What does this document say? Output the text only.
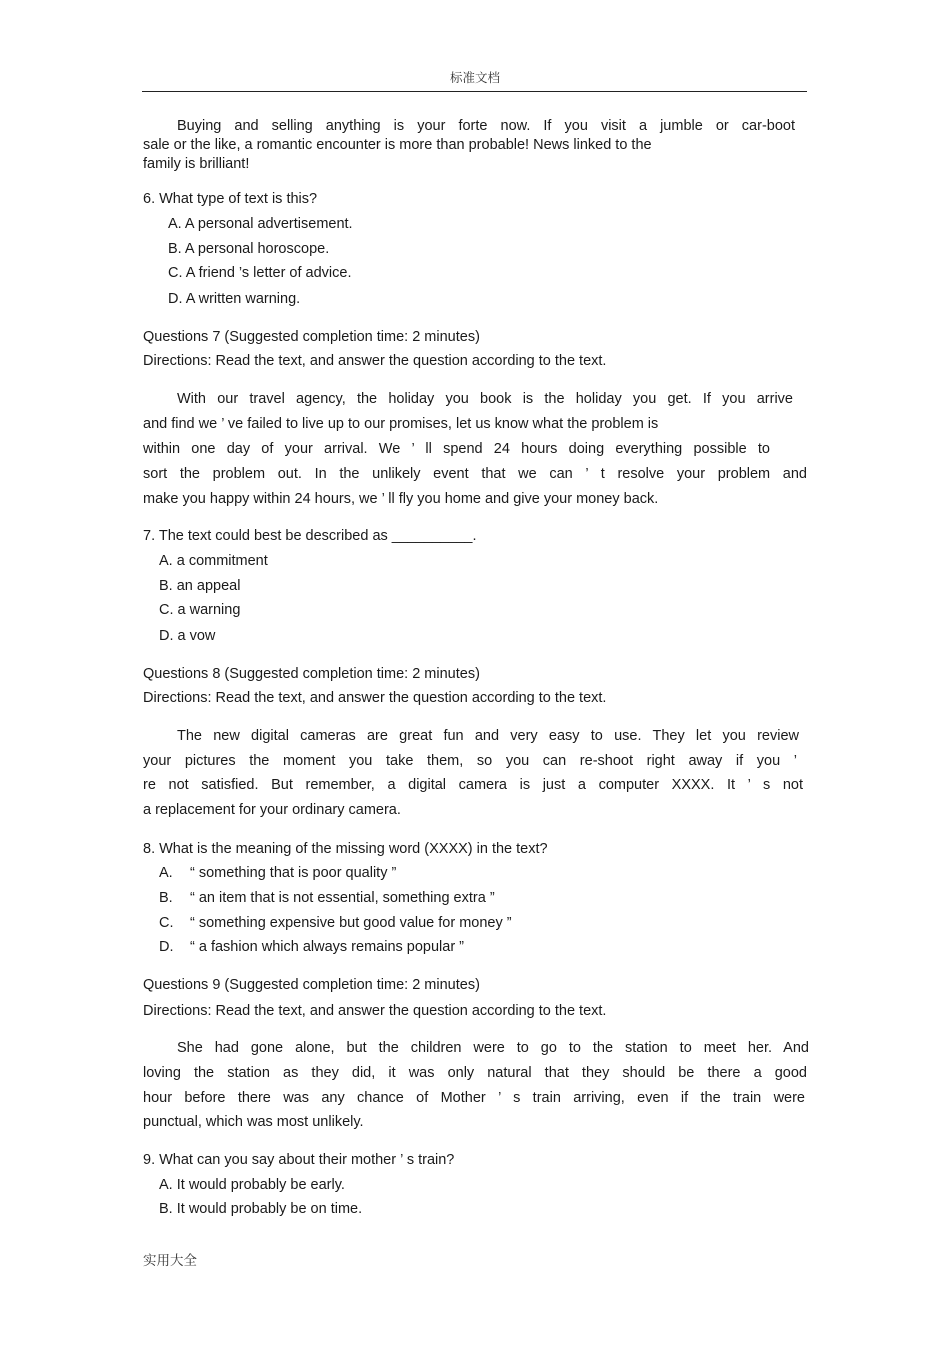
标准文档
Buying and selling anything is your forte now. If you visit a jumble or car-boot
sale or the like, a romantic encounter is more than probable! News linked to the
family is brilliant!
6. What type of text is this?
A. A personal advertisement.
B. A personal horoscope.
C. A friend ’s letter of advice.
D. A written warning.
Questions 7 (Suggested completion time: 2 minutes)
Directions: Read the text, and answer the question according to the text.
With our travel agency, the holiday you book is the holiday you get. If you arrive
and find we ’ ve failed to live up to our promises, let us know what the problem is
within one day of your arrival. We ’ ll spend 24 hours doing everything possible to
sort the problem out. In the unlikely event that we can ’ t resolve your problem and
make you happy within 24 hours, we ’ ll fly you home and give your money back.
7. The text could best be described as __________.
A. a commitment
B. an appeal
C. a warning
D. a vow
Questions 8 (Suggested completion time: 2 minutes)
Directions: Read the text, and answer the question according to the text.
The new digital cameras are great fun and very easy to use. They let you review
your pictures the moment you take them, so you can re-shoot right away if you ’
re not satisfied. But remember, a digital camera is just a computer XXXX. It ’ s not
a replacement for your ordinary camera.
8. What is the meaning of the missing word (XXXX) in the text?
A.	“ something that is poor quality ”
B.	“ an item that is not essential, something extra ”
C.	“ something expensive but good value for money ”
D.	“ a fashion which always remains popular ”
Questions 9 (Suggested completion time: 2 minutes)
Directions: Read the text, and answer the question according to the text.
She had gone alone, but the children were to go to the station to meet her. And
loving the station as they did, it was only natural that they should be there a good
hour before there was any chance of Mother ’ s train arriving, even if the train were
punctual, which was most unlikely.
9. What can you say about their mother ’ s train?
A. It would probably be early.
B. It would probably be on time.
实用大全
